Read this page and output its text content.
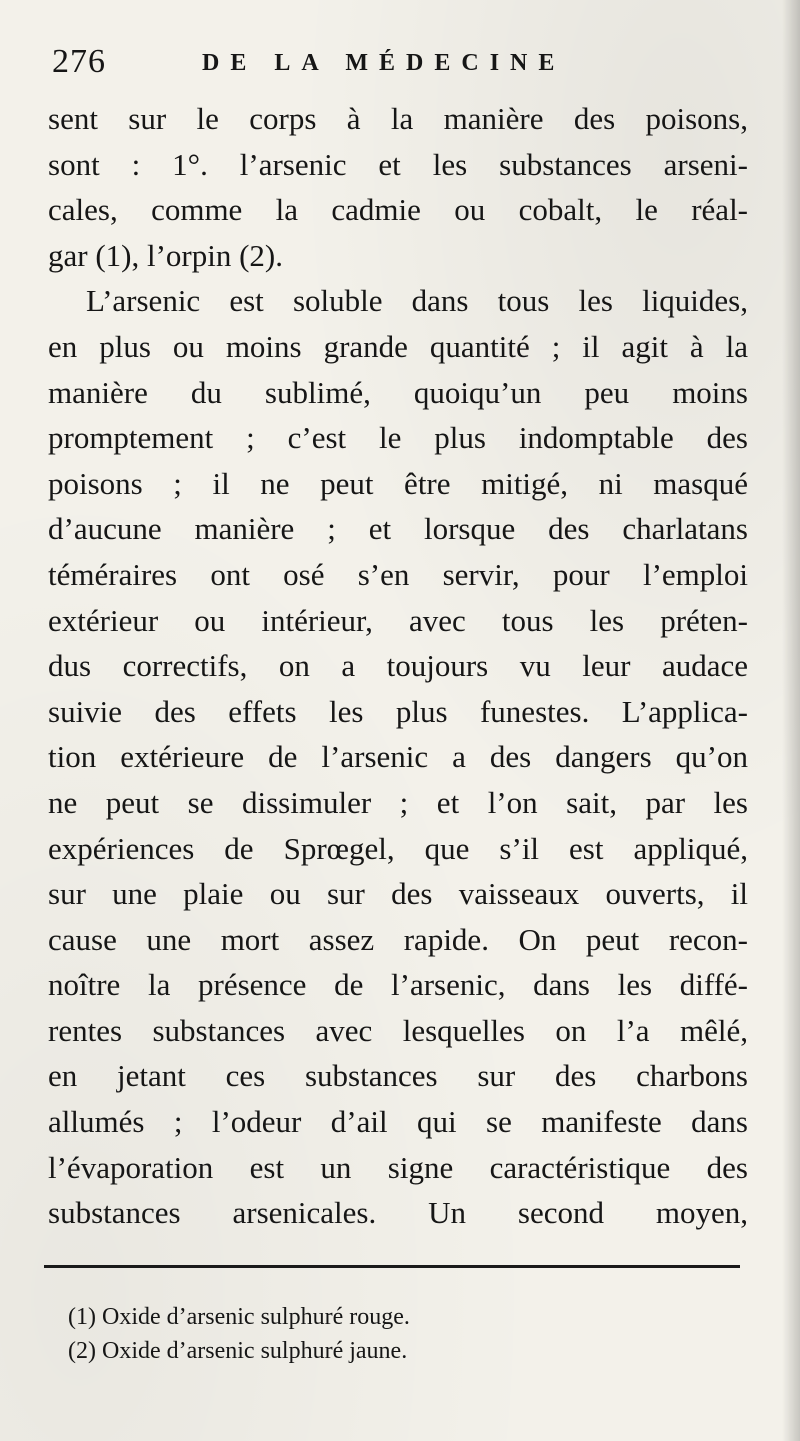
276	DE LA MÉDECINE
sent sur le corps à la manière des poisons,
sont : 1°. l’arsenic et les substances arseni-
cales, comme la cadmie ou cobalt, le réal-
gar (1), l’orpin (2).
L’arsenic est soluble dans tous les liquides,
en plus ou moins grande quantité ; il agit à la
manière du sublimé, quoiqu’un peu moins
promptement ; c’est le plus indomptable des
poisons ; il ne peut être mitigé, ni masqué
d’aucune manière ; et lorsque des charlatans
téméraires ont osé s’en servir, pour l’emploi
extérieur ou intérieur, avec tous les préten-
dus correctifs, on a toujours vu leur audace
suivie des effets les plus funestes. L’applica-
tion extérieure de l’arsenic a des dangers qu’on
ne peut se dissimuler ; et l’on sait, par les
expériences de Sprœgel, que s’il est appliqué,
sur une plaie ou sur des vaisseaux ouverts, il
cause une mort assez rapide. On peut recon-
noître la présence de l’arsenic, dans les diffé-
rentes substances avec lesquelles on l’a mêlé,
en jetant ces substances sur des charbons
allumés ; l’odeur d’ail qui se manifeste dans
l’évaporation est un signe caractéristique des
substances arsenicales. Un second moyen,
(1) Oxide d’arsenic sulphuré rouge.
(2) Oxide d’arsenic sulphuré jaune.
